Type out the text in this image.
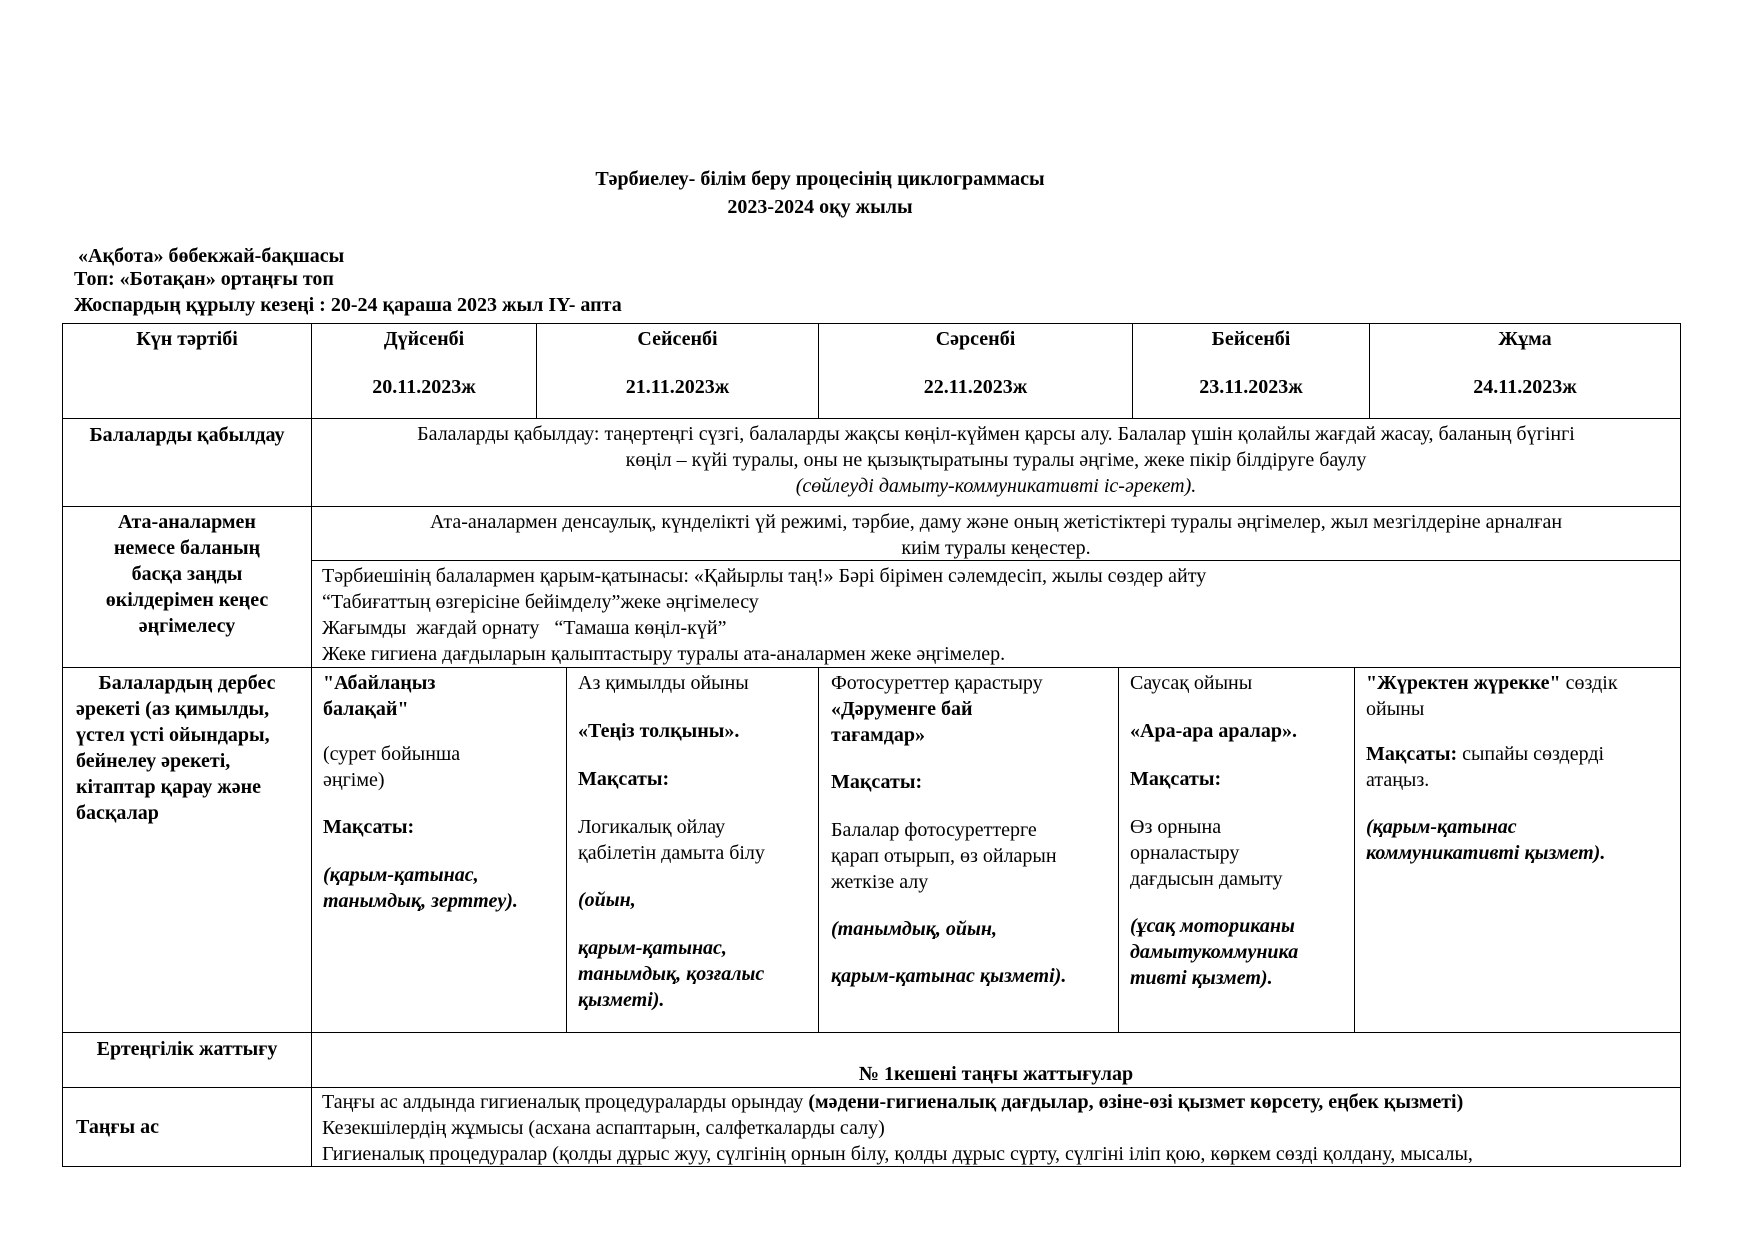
Тәрбиелеу- білім беру процесінің циклограммасы
2023-2024 оқу жылы
«Ақбота» бөбекжай-бақшасы
Топ: «Ботақан» ортаңғы топ
Жоспардың құрылу кезеңі : 20-24 қараша 2023 жыл IY- апта
Күн тәртібі	Дүйсенбі
20.11.2023ж
Сейсенбі
21.11.2023ж
Сәрсенбі
22.11.2023ж
Бейсенбі
23.11.2023ж
Жұма
24.11.2023ж
Балаларды қабылдау	Балаларды қабылдау: таңертеңгі сүзгі, балаларды жақсы көңіл-күймен қарсы алу. Балалар үшін қолайлы жағдай жасау, баланың бүгінгі
көңіл – күйі туралы, оны не қызықтыратыны туралы әңгіме, жеке пікір білдіруге баулу
(сөйлеуді дамыту-коммуникативті іс-әрекет).
Ата-аналармен
немесе баланың
басқа заңды
өкілдерімен кеңес
әңгімелесу
Ата-аналармен денсаулық, күнделікті үй режимі, тәрбие, даму және оның жетістіктері туралы әңгімелер, жыл мезгілдеріне арналған
киім туралы кеңестер.
Тәрбиешінің балалармен қарым-қатынасы: «Қайырлы таң!» Бәрі бірімен сәлемдесіп, жылы сөздер айту
“Табиғаттың өзгерісіне бейімделу”жеке әңгімелесу
Жағымды  жағдай орнату   “Тамаша көңіл-күй”
Жеке гигиена дағдыларын қалыптастыру туралы ата-аналармен жеке әңгімелер.
Балалардың дербес
әрекеті (аз қимылды,
үстел үсті ойындары,
бейнелеу әрекеті,
кітаптар қарау және
басқалар
"Абайлаңыз
балақай"
(сурет бойынша
әңгіме)
Мақсаты:
(қарым-қатынас,
танымдық, зерттеу).
Аз қимылды ойыны
«Теңіз толқыны».
Мақсаты:
Логикалық ойлау
қабілетін дамыта білу
(ойын,
қарым-қатынас,
танымдық, қозғалыс
қызметі).
Фотосуреттер қарастыру
«Дәруменге бай
тағамдар»
Мақсаты:
Балалар фотосуреттерге
қарап отырып, өз ойларын
жеткізе алу
(танымдық, ойын,
қарым-қатынас қызметі).
Саусақ ойыны
«Ара-ара аралар».
Мақсаты:
Өз орнына
орналастыру
дағдысын дамыту
(ұсақ моториканы
дамытукоммуника
тивті қызмет).
"Жүректен жүрекке" сөздік
ойыны
Мақсаты: сыпайы сөздерді
атаңыз.
(қарым-қатынас
коммуникативті қызмет).
Ертеңгілік жаттығу
№ 1кешені таңғы жаттығулар
Таңғы ас
Таңғы ас алдында гигиеналық процедураларды орындау (мәдени-гигиеналық дағдылар, өзіне-өзі қызмет көрсету, еңбек қызметі)
Кезекшілердің жұмысы (асхана аспаптарын, салфеткаларды салу)
Гигиеналық процедуралар (қолды дұрыс жуу, сүлгінің орнын білу, қолды дұрыс сүрту, сүлгіні іліп қою, көркем сөзді қолдану, мысалы,
